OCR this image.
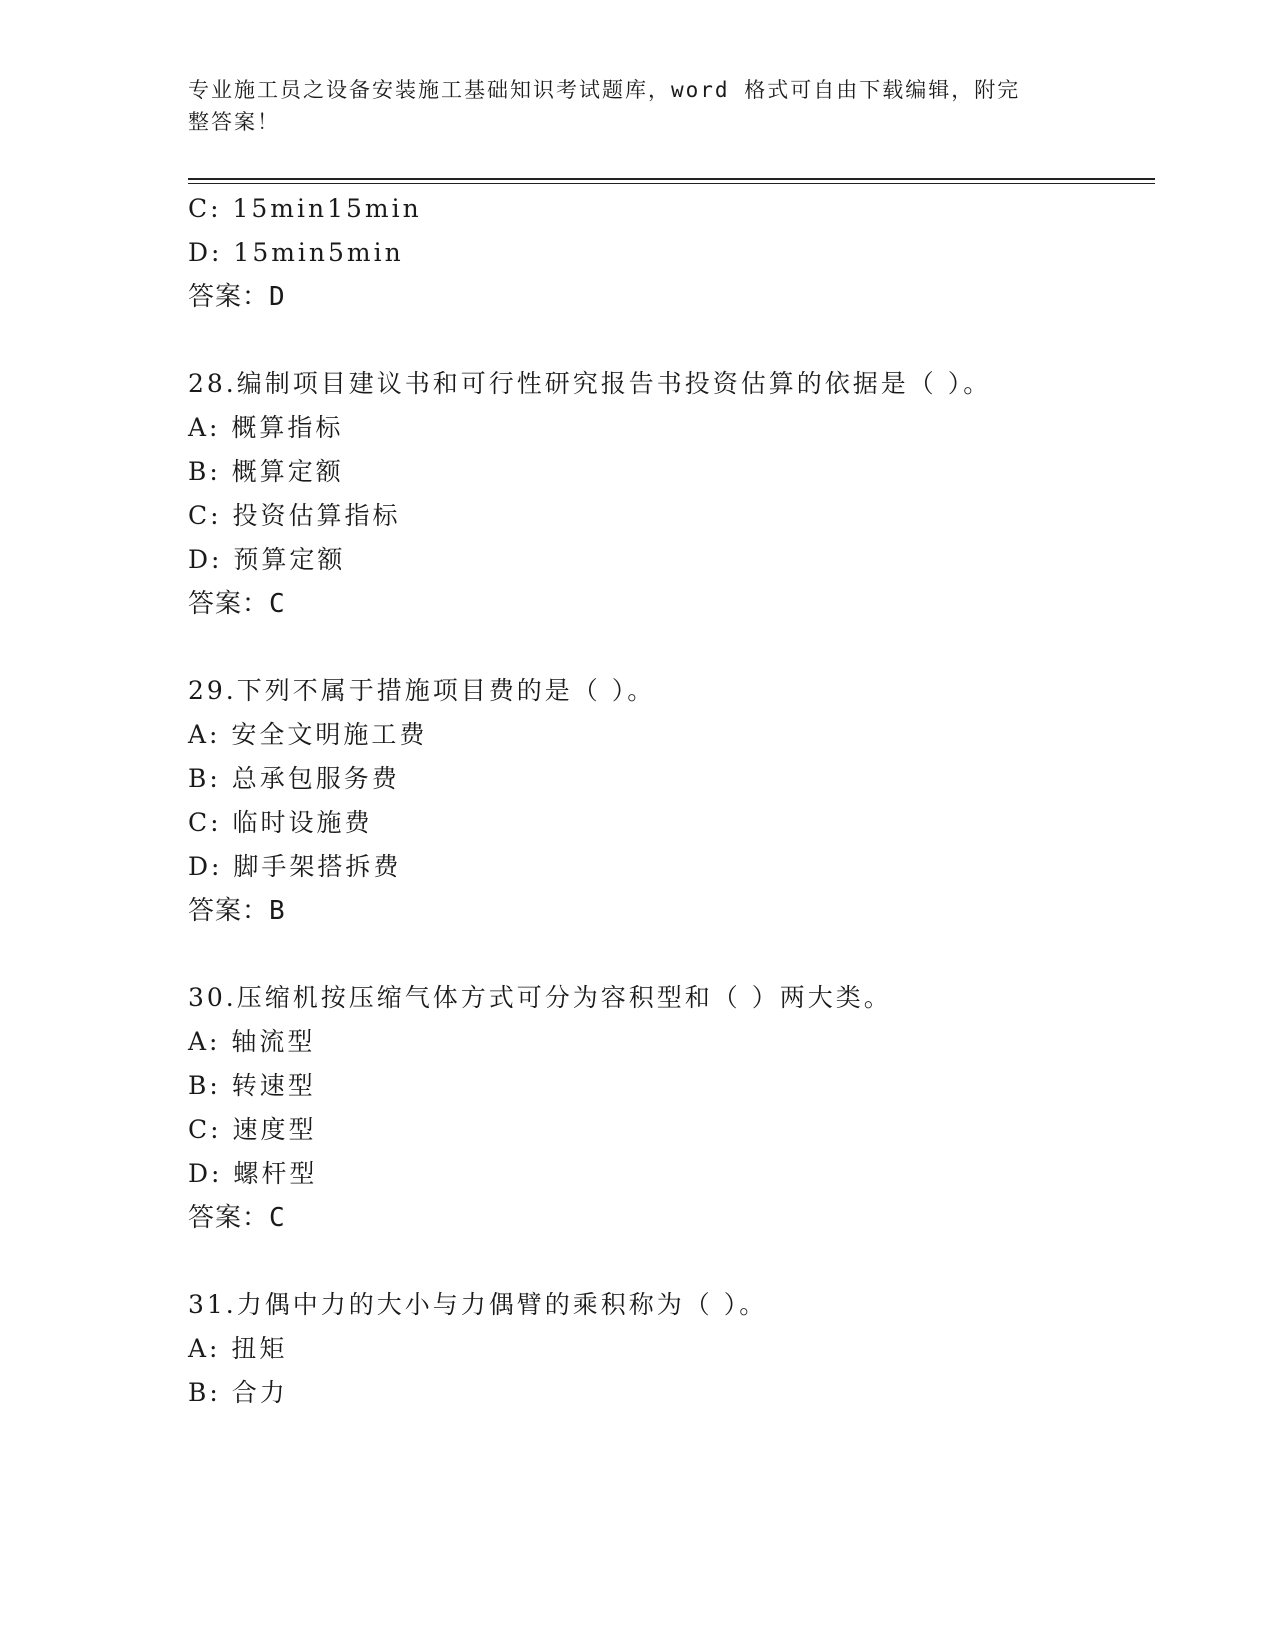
专业施工员之设备安装施工基础知识考试题库，word 格式可自由下载编辑，附完
整答案！
C: 15min15min
D: 15min5min
答案：D
28.编制项目建议书和可行性研究报告书投资估算的依据是（ ）。
A: 概算指标
B: 概算定额
C: 投资估算指标
D: 预算定额
答案：C
29.下列不属于措施项目费的是（ ）。
A: 安全文明施工费
B: 总承包服务费
C: 临时设施费
D: 脚手架搭拆费
答案：B
30.压缩机按压缩气体方式可分为容积型和（ ）两大类。
A: 轴流型
B: 转速型
C: 速度型
D: 螺杆型
答案：C
31.力偶中力的大小与力偶臂的乘积称为（ ）。
A: 扭矩
B: 合力
